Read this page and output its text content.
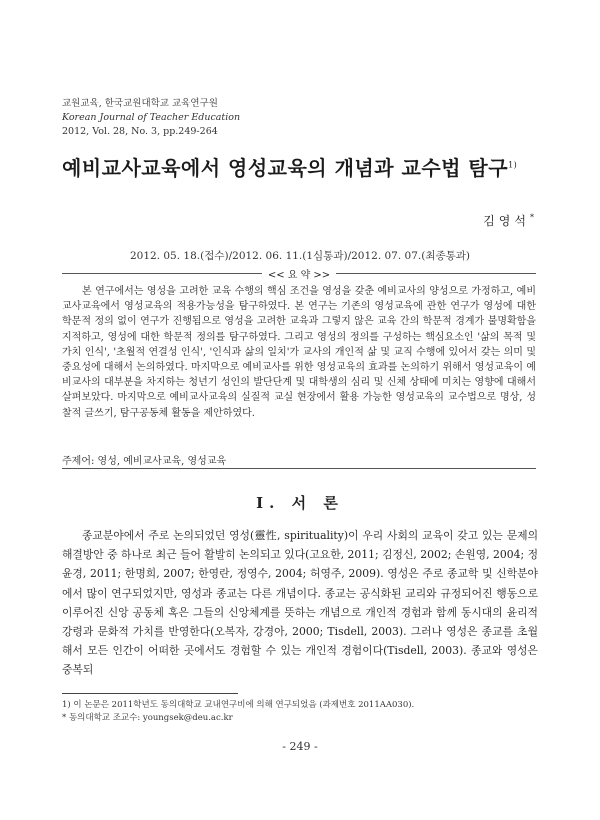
교원교육, 한국교원대학교 교육연구원
Korean Journal of Teacher Education
2012, Vol. 28, No. 3, pp.249-264
예비교사교육에서 영성교육의 개념과 교수법 탐구$^{1)}$
김영석*
2012. 05. 18.(접수)/2012. 06. 11.(1심통과)/2012. 07. 07.(최종통과)
<< 요 약 >>
본 연구에서는 영성을 고려한 교육 수행의 핵심 조건을 영성을 갖춘 예비교사의 양성으로 가정하고, 예비교사교육에서 영성교육의 적용가능성을 탐구하였다. 본 연구는 기존의 영성교육에 관한 연구가 영성에 대한 학문적 정의 없이 연구가 진행됨으로 영성을 고려한 교육과 그렇지 않은 교육 간의 학문적 경계가 불명확함을 지적하고, 영성에 대한 학문적 정의를 탐구하였다. 그리고 영성의 정의를 구성하는 핵심요소인 '삶의 목적 및 가치 인식', '초월적 연결성 인식', '인식과 삶의 일치'가 교사의 개인적 삶 및 교직 수행에 있어서 갖는 의미 및 중요성에 대해서 논의하였다. 마지막으로 예비교사를 위한 영성교육의 효과를 논의하기 위해서 영성교육이 예비교사의 대부분을 차지하는 청년기 성인의 발단단계 및 대학생의 심리 및 신체 상태에 미치는 영향에 대해서 살펴보았다. 마지막으로 예비교사교육의 실질적 교실 현장에서 활용 가능한 영성교육의 교수법으로 명상, 성찰적 글쓰기, 탐구공동체 활동을 제안하였다.
주제어: 영성, 예비교사교육, 영성교육
Ⅰ. 서 론
종교분야에서 주로 논의되었던 영성(靈性, spirituality)이 우리 사회의 교육이 갖고 있는 문제의 해결방안 중 하나로 최근 들어 활발히 논의되고 있다(고요한, 2011; 김정신, 2002; 손원영, 2004; 정윤경, 2011; 한명희, 2007; 한영란, 정영수, 2004; 허영주, 2009). 영성은 주로 종교학 및 신학분야에서 많이 연구되었지만, 영성과 종교는 다른 개념이다. 종교는 공식화된 교리와 규정되어진 행동으로 이루어진 신앙 공동체 혹은 그들의 신앙체계를 뜻하는 개념으로 개인적 경험과 함께 동시대의 윤리적 강령과 문화적 가치를 반영한다(오복자, 강경아, 2000; Tisdell, 2003). 그러나 영성은 종교를 초월해서 모든 인간이 어떠한 곳에서도 경험할 수 있는 개인적 경험이다(Tisdell, 2003). 종교와 영성은 중복되
1) 이 논문은 2011학년도 동의대학교 교내연구비에 의해 연구되었음 (과제번호 2011AA030).
* 동의대학교 조교수: youngsek@deu.ac.kr
- 249 -
